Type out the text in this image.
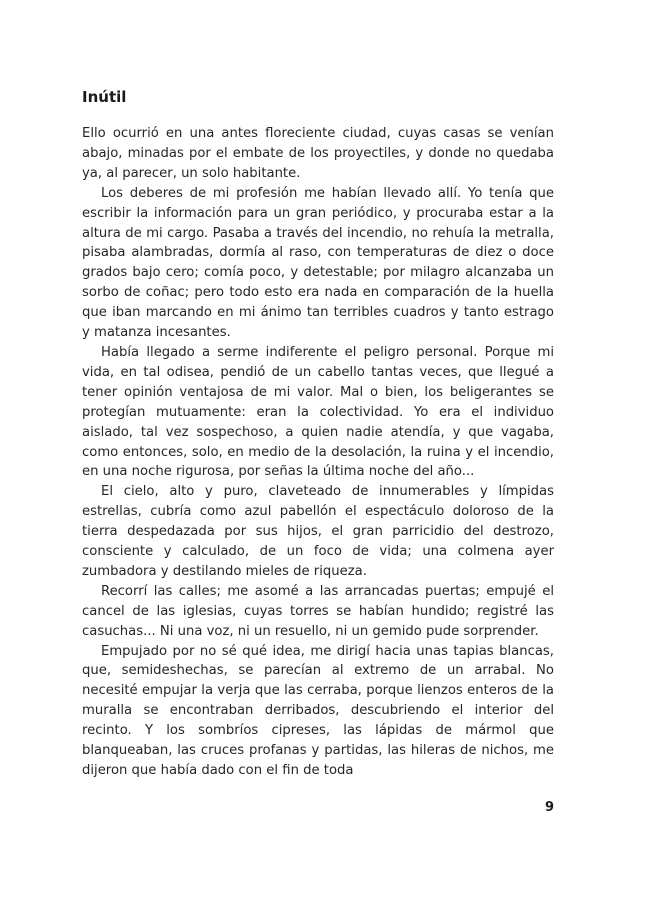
Inútil

Ello ocurrió en una antes floreciente ciudad, cuyas casas se venían abajo, minadas por el embate de los proyectiles, y donde no quedaba ya, al parecer, un solo habitante.

Los deberes de mi profesión me habían llevado allí. Yo tenía que escribir la información para un gran periódico, y procuraba estar a la altura de mi cargo. Pasaba a través del incendio, no rehuía la metralla, pisaba alambradas, dormía al raso, con temperaturas de diez o doce grados bajo cero; comía poco, y detestable; por milagro alcanzaba un sorbo de coñac; pero todo esto era nada en comparación de la huella que iban marcando en mi ánimo tan terribles cuadros y tanto estrago y matanza incesantes.

Había llegado a serme indiferente el peligro personal. Porque mi vida, en tal odisea, pendió de un cabello tantas veces, que llegué a tener opinión ventajosa de mi valor. Mal o bien, los beligerantes se protegían mutuamente: eran la colectividad. Yo era el individuo aislado, tal vez sospechoso, a quien nadie atendía, y que vagaba, como entonces, solo, en medio de la desolación, la ruina y el incendio, en una noche rigurosa, por señas la última noche del año...

El cielo, alto y puro, claveteado de innumerables y límpidas estrellas, cubría como azul pabellón el espectáculo doloroso de la tierra despedazada por sus hijos, el gran parricidio del destrozo, consciente y calculado, de un foco de vida; una colmena ayer zumbadora y destilando mieles de riqueza.

Recorrí las calles; me asomé a las arrancadas puertas; empujé el cancel de las iglesias, cuyas torres se habían hundido; registré las casuchas... Ni una voz, ni un resuello, ni un gemido pude sorprender.

Empujado por no sé qué idea, me dirigí hacia unas tapias blancas, que, semideshechas, se parecían al extremo de un arrabal. No necesité empujar la verja que las cerraba, porque lienzos enteros de la muralla se encontraban derribados, descubriendo el interior del recinto. Y los sombríos cipreses, las lápidas de mármol que blanqueaban, las cruces profanas y partidas, las hileras de nichos, me dijeron que había dado con el fin de toda

9
